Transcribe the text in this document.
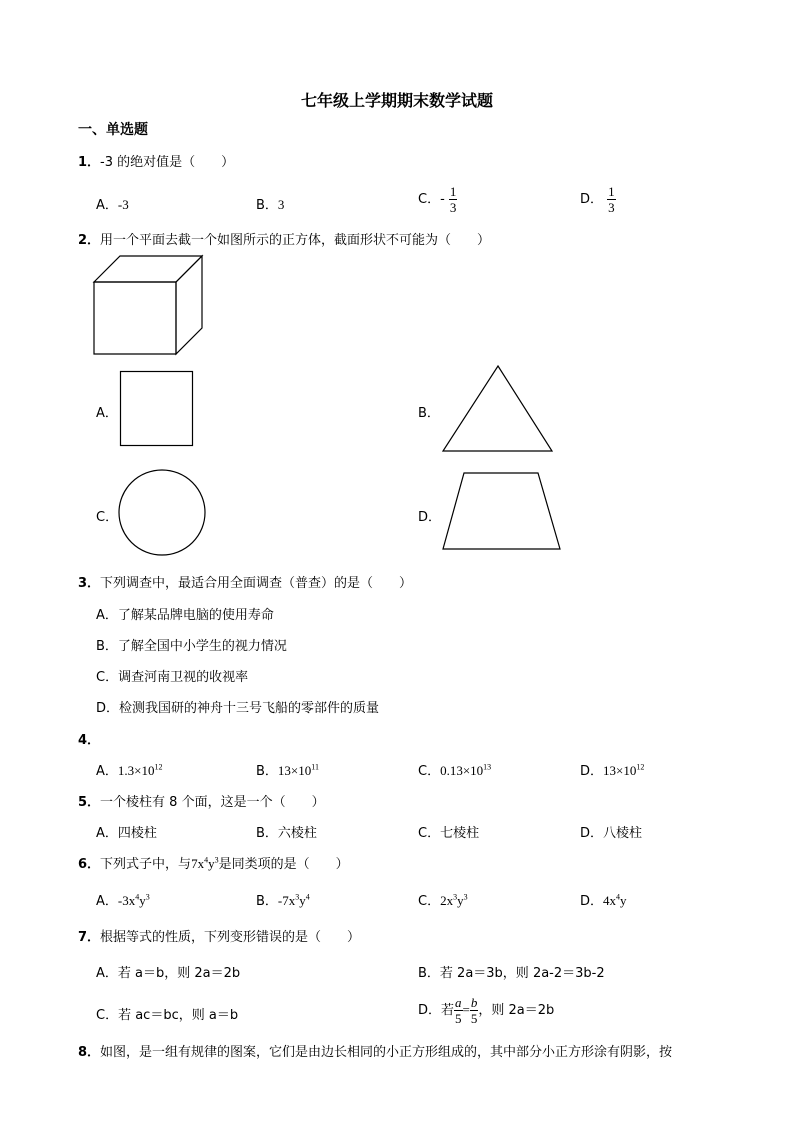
七年级上学期期末数学试题
一、单选题
1．-3 的绝对值是（　　）
A．-3	B．3	C．- $\frac{1}{3}$	D． $\frac{1}{3}$
2．用一个平面去截一个如图所示的正方体，截面形状不可能为（　　）
A．	B．
C．	D．
3．下列调查中，最适合用全面调查（普查）的是（　　）
A．了解某品牌电脑的使用寿命
B．了解全国中小学生的视力情况
C．调查河南卫视的收视率
D．检测我国研的神舟十三号飞船的零部件的质量
4．
A．$1.3\times 10^{12}$	B．$13\times 10^{11}$	C．$0.13\times 10^{13}$	D．$13\times 10^{12}$
5．一个棱柱有 8 个面，这是一个（　　）
A．四棱柱	B．六棱柱	C．七棱柱	D．八棱柱
6．下列式子中，与$7x^4y^3$是同类项的是（　　）
A．$-3x^4y^3$	B．$-7x^3y^4$	C．$2x^3y^3$	D．$4x^4y$
7．根据等式的性质，下列变形错误的是（　　）
A．若 a＝b，则 2a＝2b	B．若 2a＝3b，则 2a-2＝3b-2
C．若 ac＝bc，则 a＝b	D．若 $\frac{a}{5} = \frac{b}{5}$ ，则 2a＝2b
8．如图，是一组有规律的图案，它们是由边长相同的小正方形组成的，其中部分小正方形涂有阴影，按
